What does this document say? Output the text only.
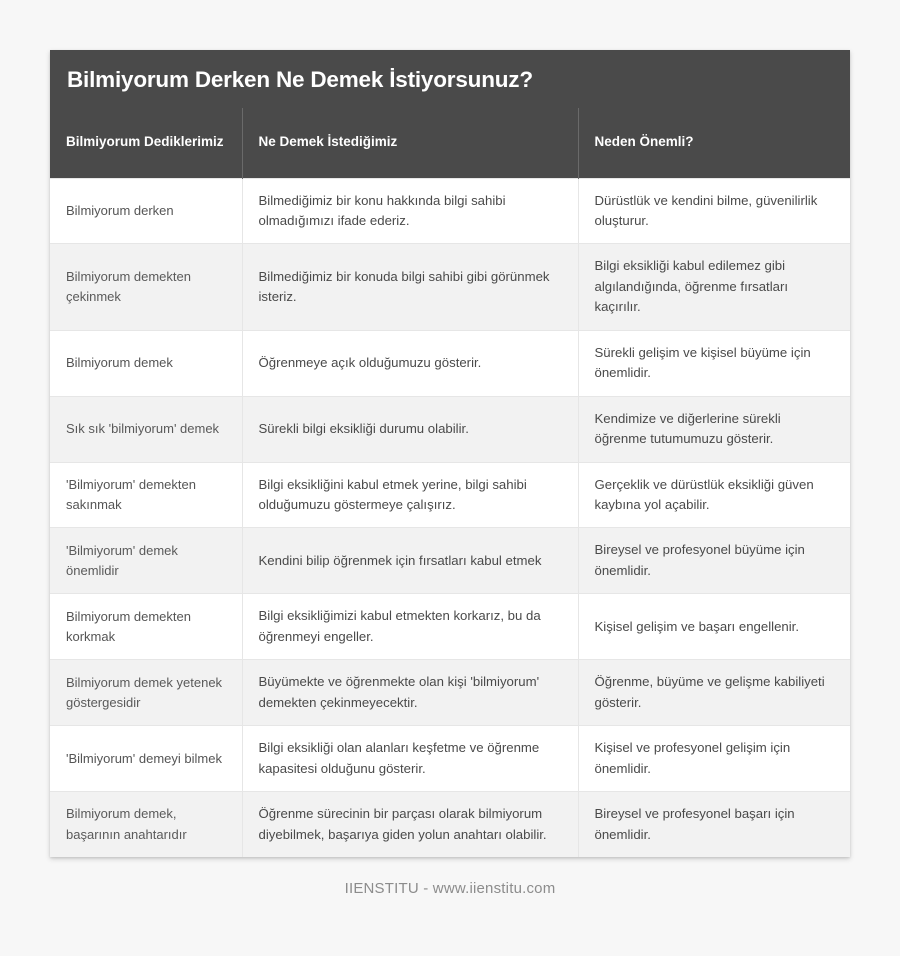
Bilmiyorum Derken Ne Demek İstiyorsunuz?
Bilmiyorum Dediklerimiz	Ne Demek İstediğimiz	Neden Önemli?
Bilmiyorum derken	Bilmediğimiz bir konu hakkında bilgi sahibi olmadığımızı ifade ederiz.	Dürüstlük ve kendini bilme, güvenilirlik oluşturur.
Bilmiyorum demekten çekinmek	Bilmediğimiz bir konuda bilgi sahibi gibi görünmek isteriz.	Bilgi eksikliği kabul edilemez gibi algılandığında, öğrenme fırsatları kaçırılır.
Bilmiyorum demek	Öğrenmeye açık olduğumuzu gösterir.	Sürekli gelişim ve kişisel büyüme için önemlidir.
Sık sık 'bilmiyorum' demek	Sürekli bilgi eksikliği durumu olabilir.	Kendimize ve diğerlerine sürekli öğrenme tutumumuzu gösterir.
'Bilmiyorum' demekten sakınmak	Bilgi eksikliğini kabul etmek yerine, bilgi sahibi olduğumuzu göstermeye çalışırız.	Gerçeklik ve dürüstlük eksikliği güven kaybına yol açabilir.
'Bilmiyorum' demek önemlidir	Kendini bilip öğrenmek için fırsatları kabul etmek	Bireysel ve profesyonel büyüme için önemlidir.
Bilmiyorum demekten korkmak	Bilgi eksikliğimizi kabul etmekten korkarız, bu da öğrenmeyi engeller.	Kişisel gelişim ve başarı engellenir.
Bilmiyorum demek yetenek göstergesidir	Büyümekte ve öğrenmekte olan kişi 'bilmiyorum' demekten çekinmeyecektir.	Öğrenme, büyüme ve gelişme kabiliyeti gösterir.
'Bilmiyorum' demeyi bilmek	Bilgi eksikliği olan alanları keşfetme ve öğrenme kapasitesi olduğunu gösterir.	Kişisel ve profesyonel gelişim için önemlidir.
Bilmiyorum demek, başarının anahtarıdır	Öğrenme sürecinin bir parçası olarak bilmiyorum diyebilmek, başarıya giden yolun anahtarı olabilir.	Bireysel ve profesyonel başarı için önemlidir.
IIENSTITU - www.iienstitu.com
